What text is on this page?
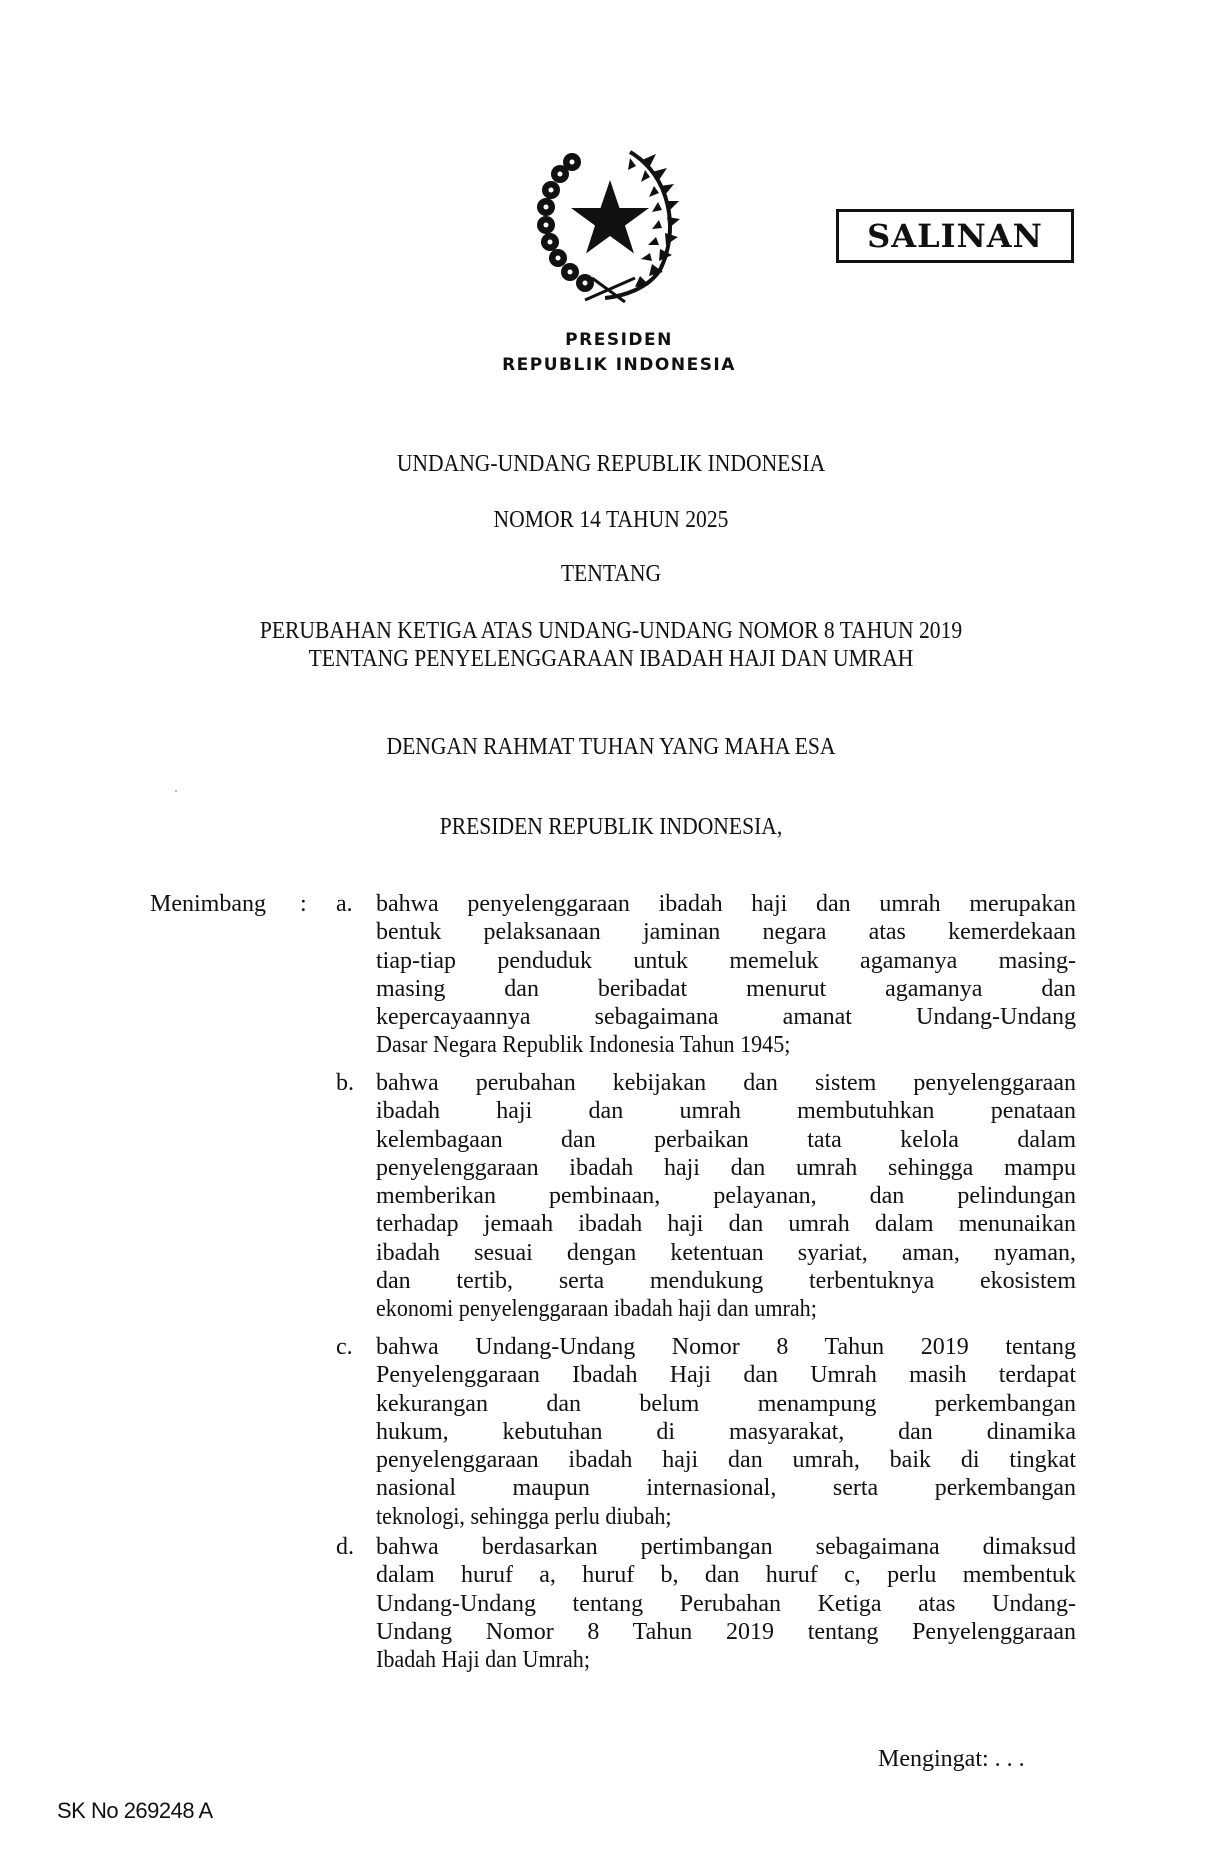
PRESIDEN
REPUBLIK INDONESIA
SALINAN
UNDANG-UNDANG REPUBLIK INDONESIA
NOMOR 14 TAHUN 2025
TENTANG
PERUBAHAN KETIGA ATAS UNDANG-UNDANG NOMOR 8 TAHUN 2019
TENTANG PENYELENGGARAAN IBADAH HAJI DAN UMRAH
DENGAN RAHMAT TUHAN YANG MAHA ESA
PRESIDEN REPUBLIK INDONESIA,
Menimbang : a. bahwa penyelenggaraan ibadah haji dan umrah merupakan
bentuk pelaksanaan jaminan negara atas kemerdekaan
tiap-tiap penduduk untuk memeluk agamanya masing-
masing dan beribadat menurut agamanya dan
kepercayaannya sebagaimana amanat Undang-Undang
Dasar Negara Republik Indonesia Tahun 1945;
b. bahwa perubahan kebijakan dan sistem penyelenggaraan
ibadah haji dan umrah membutuhkan penataan
kelembagaan dan perbaikan tata kelola dalam
penyelenggaraan ibadah haji dan umrah sehingga mampu
memberikan pembinaan, pelayanan, dan pelindungan
terhadap jemaah ibadah haji dan umrah dalam menunaikan
ibadah sesuai dengan ketentuan syariat, aman, nyaman,
dan tertib, serta mendukung terbentuknya ekosistem
ekonomi penyelenggaraan ibadah haji dan umrah;
c. bahwa Undang-Undang Nomor 8 Tahun 2019 tentang
Penyelenggaraan Ibadah Haji dan Umrah masih terdapat
kekurangan dan belum menampung perkembangan
hukum, kebutuhan di masyarakat, dan dinamika
penyelenggaraan ibadah haji dan umrah, baik di tingkat
nasional maupun internasional, serta perkembangan
teknologi, sehingga perlu diubah;
d. bahwa berdasarkan pertimbangan sebagaimana dimaksud
dalam huruf a, huruf b, dan huruf c, perlu membentuk
Undang-Undang tentang Perubahan Ketiga atas Undang-
Undang Nomor 8 Tahun 2019 tentang Penyelenggaraan
Ibadah Haji dan Umrah;
Mengingat: . . .
SK No 269248 A
